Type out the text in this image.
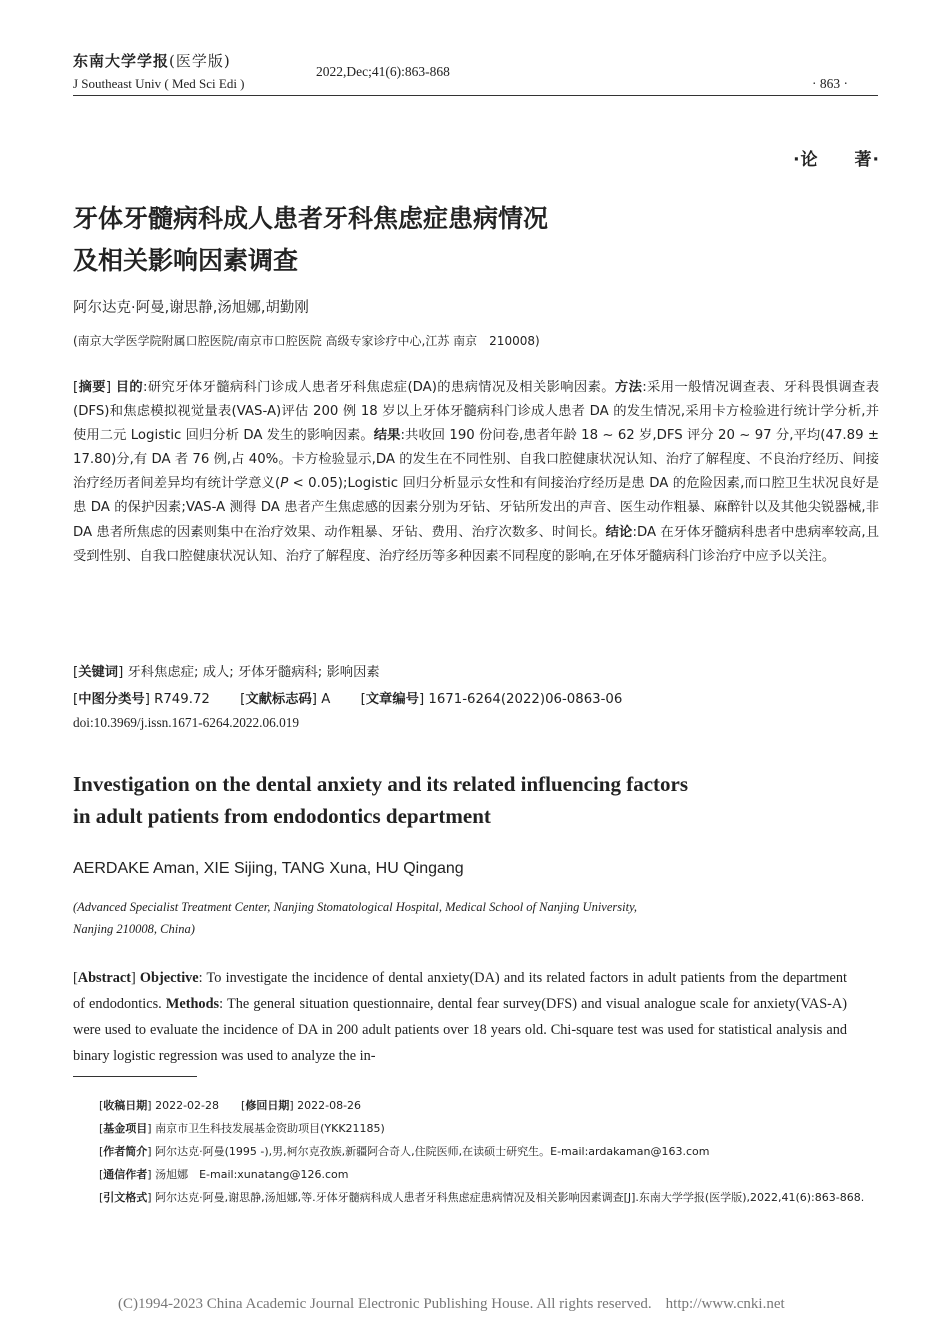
东南大学学报(医学版)
J Southeast Univ ( Med Sci Edi )
2022,Dec;41(6):863-868
· 863 ·
·论　　著·
牙体牙髓病科成人患者牙科焦虑症患病情况
及相关影响因素调查
阿尔达克·阿曼,谢思静,汤旭娜,胡勤刚
(南京大学医学院附属口腔医院/南京市口腔医院 高级专家诊疗中心,江苏 南京　210008)
[摘要] 目的:研究牙体牙髓病科门诊成人患者牙科焦虑症(DA)的患病情况及相关影响因素。方法:采用一般情况调查表、牙科畏惧调查表(DFS)和焦虑模拟视觉量表(VAS-A)评估 200 例 18 岁以上牙体牙髓病科门诊成人患者 DA 的发生情况,采用卡方检验进行统计学分析,并使用二元 Logistic 回归分析 DA 发生的影响因素。结果:共收回 190 份问卷,患者年龄 18 ~ 62 岁,DFS 评分 20 ~ 97 分,平均(47.89 ± 17.80)分,有 DA 者 76 例,占 40%。卡方检验显示,DA 的发生在不同性别、自我口腔健康状况认知、治疗了解程度、不良治疗经历、间接治疗经历者间差异均有统计学意义(P < 0.05);Logistic 回归分析显示女性和有间接治疗经历是患 DA 的危险因素,而口腔卫生状况良好是患 DA 的保护因素;VAS-A 测得 DA 患者产生焦虑感的因素分别为牙钻、牙钻所发出的声音、医生动作粗暴、麻醉针以及其他尖锐器械,非 DA 患者所焦虑的因素则集中在治疗效果、动作粗暴、牙钻、费用、治疗次数多、时间长。结论:DA 在牙体牙髓病科患者中患病率较高,且受到性别、自我口腔健康状况认知、治疗了解程度、治疗经历等多种因素不同程度的影响,在牙体牙髓病科门诊治疗中应予以关注。
[关键词] 牙科焦虑症; 成人; 牙体牙髓病科; 影响因素
[中图分类号] R749.72 [文献标志码] A [文章编号] 1671-6264(2022)06-0863-06
doi:10.3969/j.issn.1671-6264.2022.06.019
Investigation on the dental anxiety and its related influencing factors
in adult patients from endodontics department
AERDAKE Aman, XIE Sijing, TANG Xuna, HU Qingang
(Advanced Specialist Treatment Center, Nanjing Stomatological Hospital, Medical School of Nanjing University,
Nanjing 210008, China)
[Abstract] Objective: To investigate the incidence of dental anxiety(DA) and its related factors in adult patients from the department of endodontics. Methods: The general situation questionnaire, dental fear survey(DFS) and visual analogue scale for anxiety(VAS-A) were used to evaluate the incidence of DA in 200 adult patients over 18 years old. Chi-square test was used for statistical analysis and binary logistic regression was used to analyze the in-
[收稿日期] 2022-02-28　　[修回日期] 2022-08-26
[基金项目] 南京市卫生科技发展基金资助项目(YKK21185)
[作者简介] 阿尔达克·阿曼(1995 -),男,柯尔克孜族,新疆阿合奇人,住院医师,在读硕士研究生。E-mail:ardakaman@163.com
[通信作者] 汤旭娜　E-mail:xunatang@126.com
[引文格式] 阿尔达克·阿曼,谢思静,汤旭娜,等.牙体牙髓病科成人患者牙科焦虑症患病情况及相关影响因素调查[J].东南大学学报(医学版),2022,41(6):863-868.
(C)1994-2023 China Academic Journal Electronic Publishing House. All rights reserved. http://www.cnki.net
